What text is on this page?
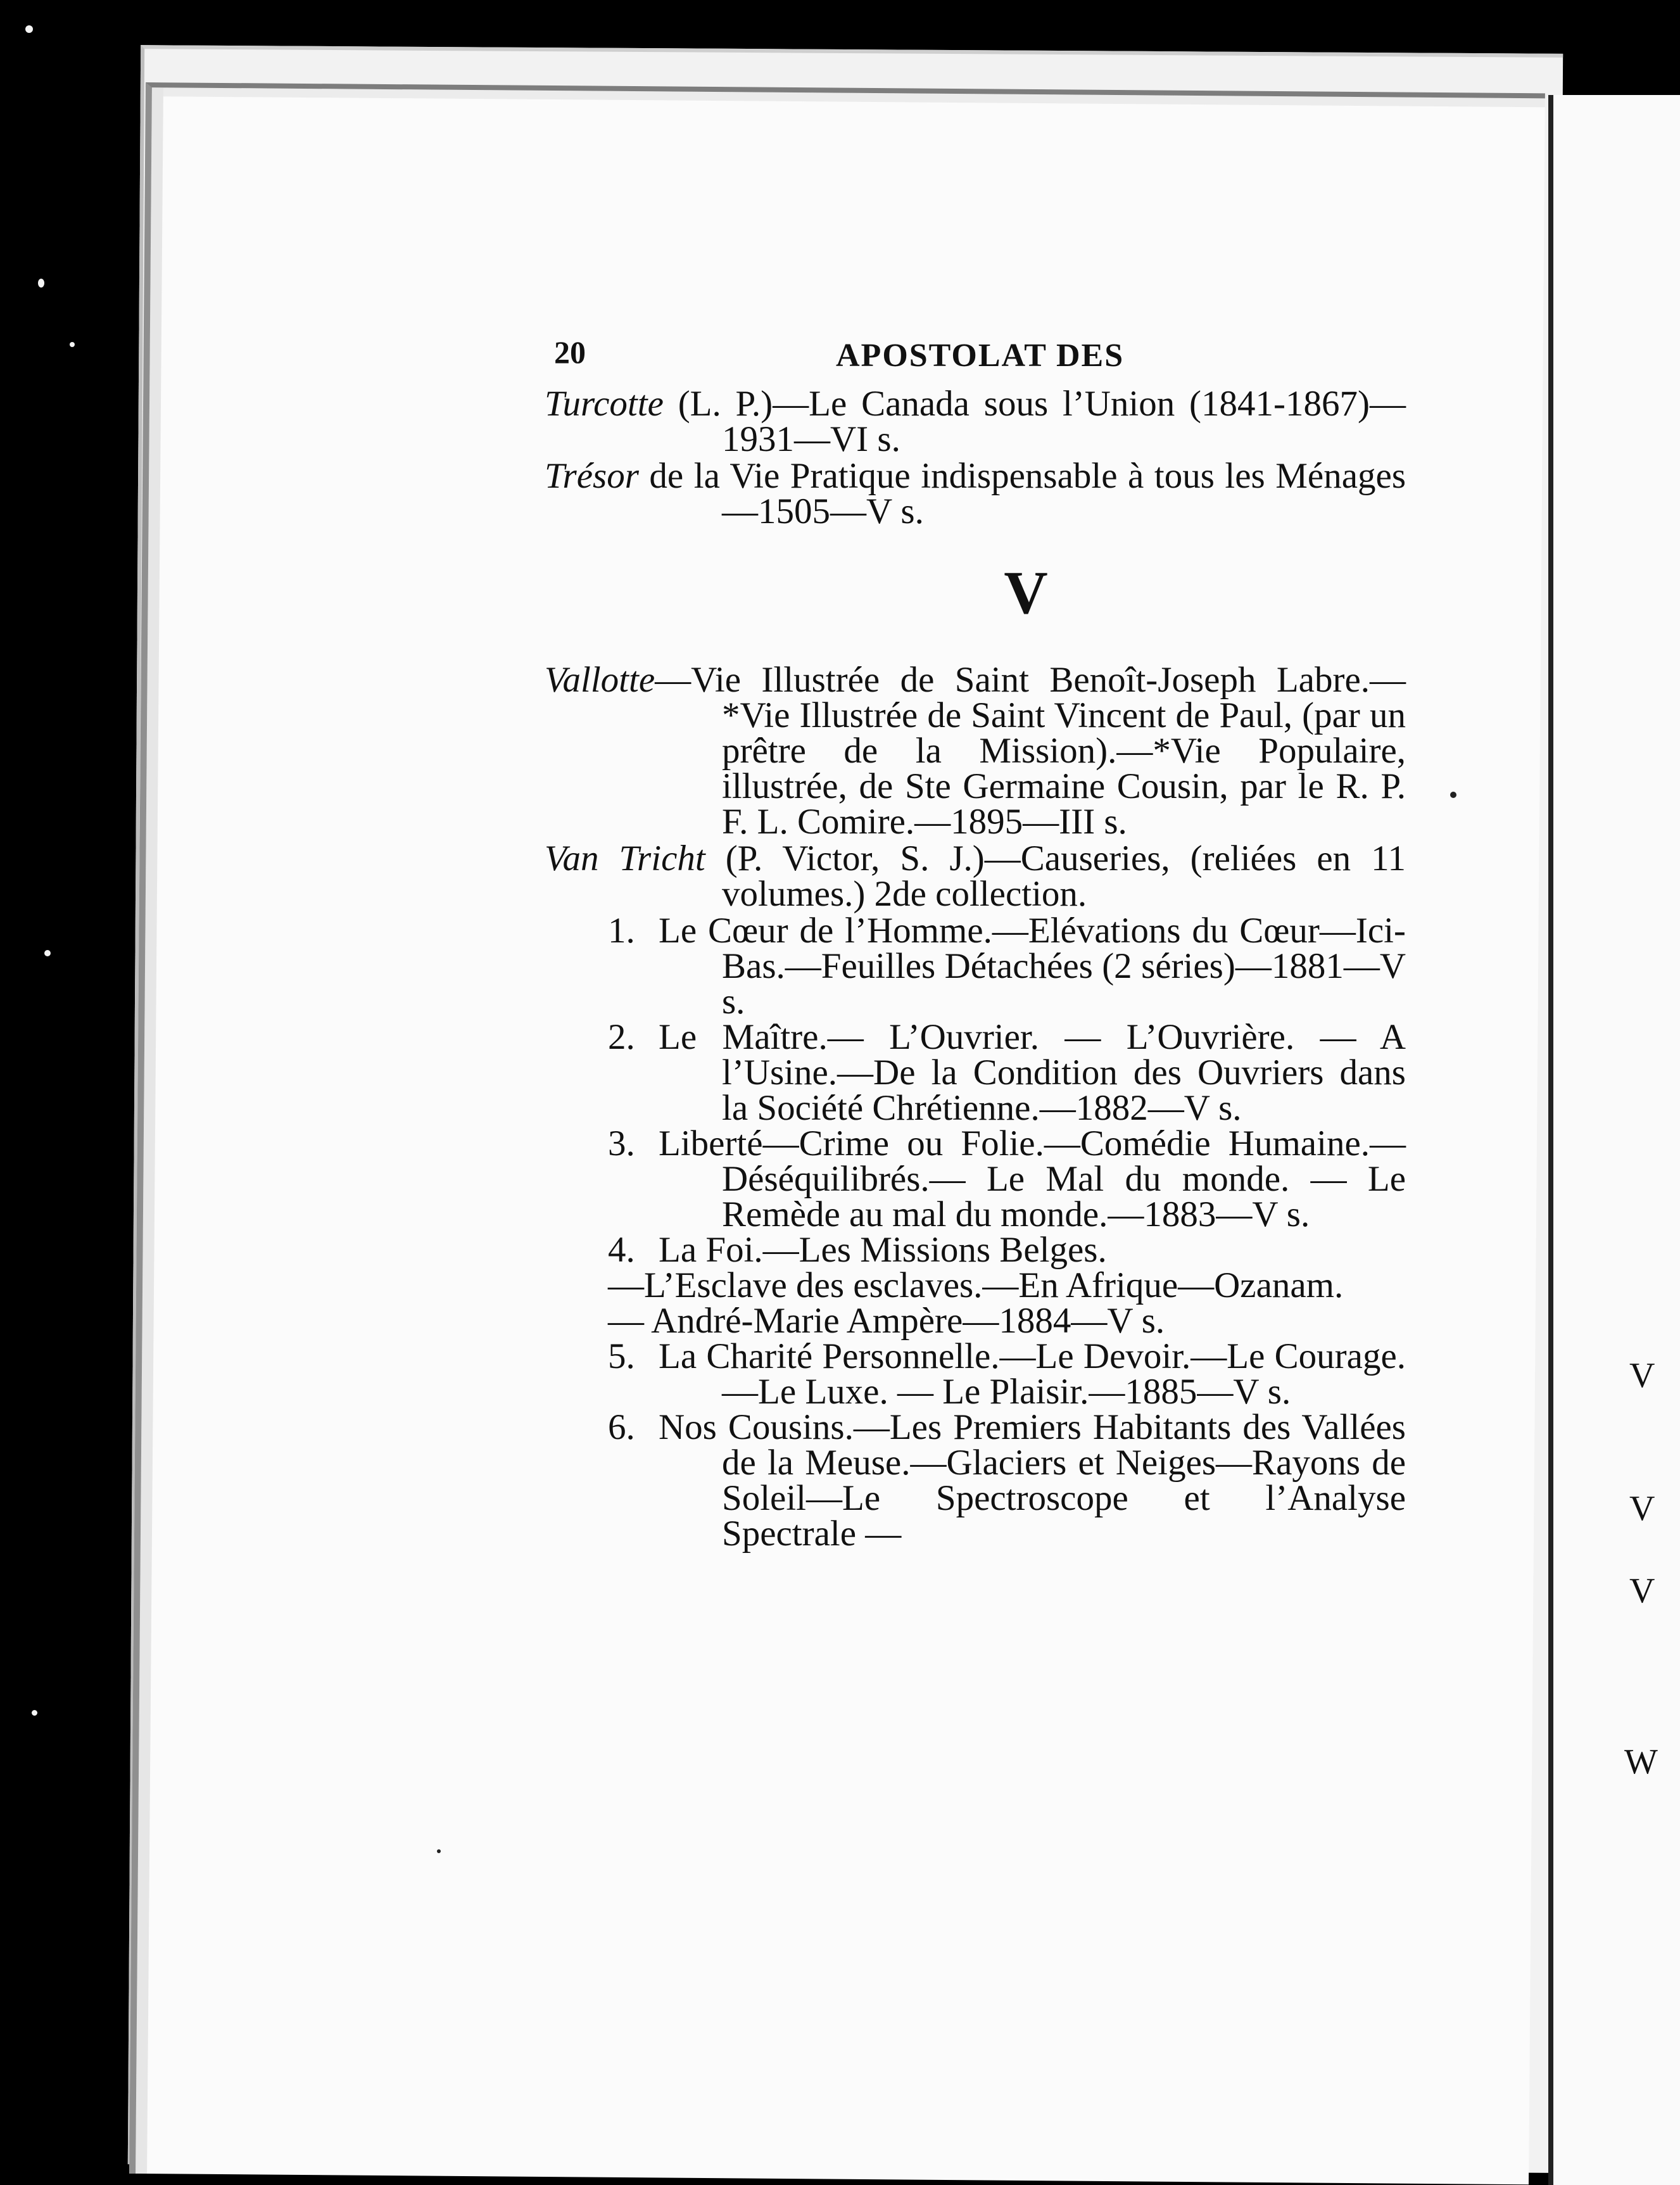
V
V
V
W
20	APOSTOLAT DES
Turcotte (L. P.)—Le Canada sous l’Union (1841-1867)—1931—VI s.
Trésor de la Vie Pratique indispensable à tous les Ménages—1505—V s.
V
Vallotte—Vie Illustrée de Saint Benoît-Joseph Labre.—*Vie Illustrée de Saint Vincent de Paul, (par un prêtre de la Mission).—*Vie Populaire, illustrée, de Ste Germaine Cousin, par le R. P. F. L. Comire.—1895—III s.
Van Tricht (P. Victor, S. J.)—Causeries, (reliées en 11 volumes.) 2de collection.
1. Le Cœur de l’Homme.—Elévations du Cœur—Ici-Bas.—Feuilles Détachées (2 séries)—1881—V s.
2. Le Maître.— L’Ouvrier. — L’Ouvrière. — A l’Usine.—De la Condition des Ouvriers dans la Société Chrétienne.—1882—V s.
3. Liberté—Crime ou Folie.—Comédie Humaine.— Déséquilibrés.— Le Mal du monde. — Le Remède au mal du monde.—1883—V s.
4. La Foi.—Les Missions Belges.
—L’Esclave des esclaves.—En Afrique—Ozanam.
— André-Marie Ampère—1884—V s.
5. La Charité Personnelle.—Le Devoir.—Le Courage.—Le Luxe. — Le Plaisir.—1885—V s.
6. Nos Cousins.—Les Premiers Habitants des Vallées de la Meuse.—Glaciers et Neiges—Rayons de Soleil—Le Spectroscope et l’Analyse Spectrale —
